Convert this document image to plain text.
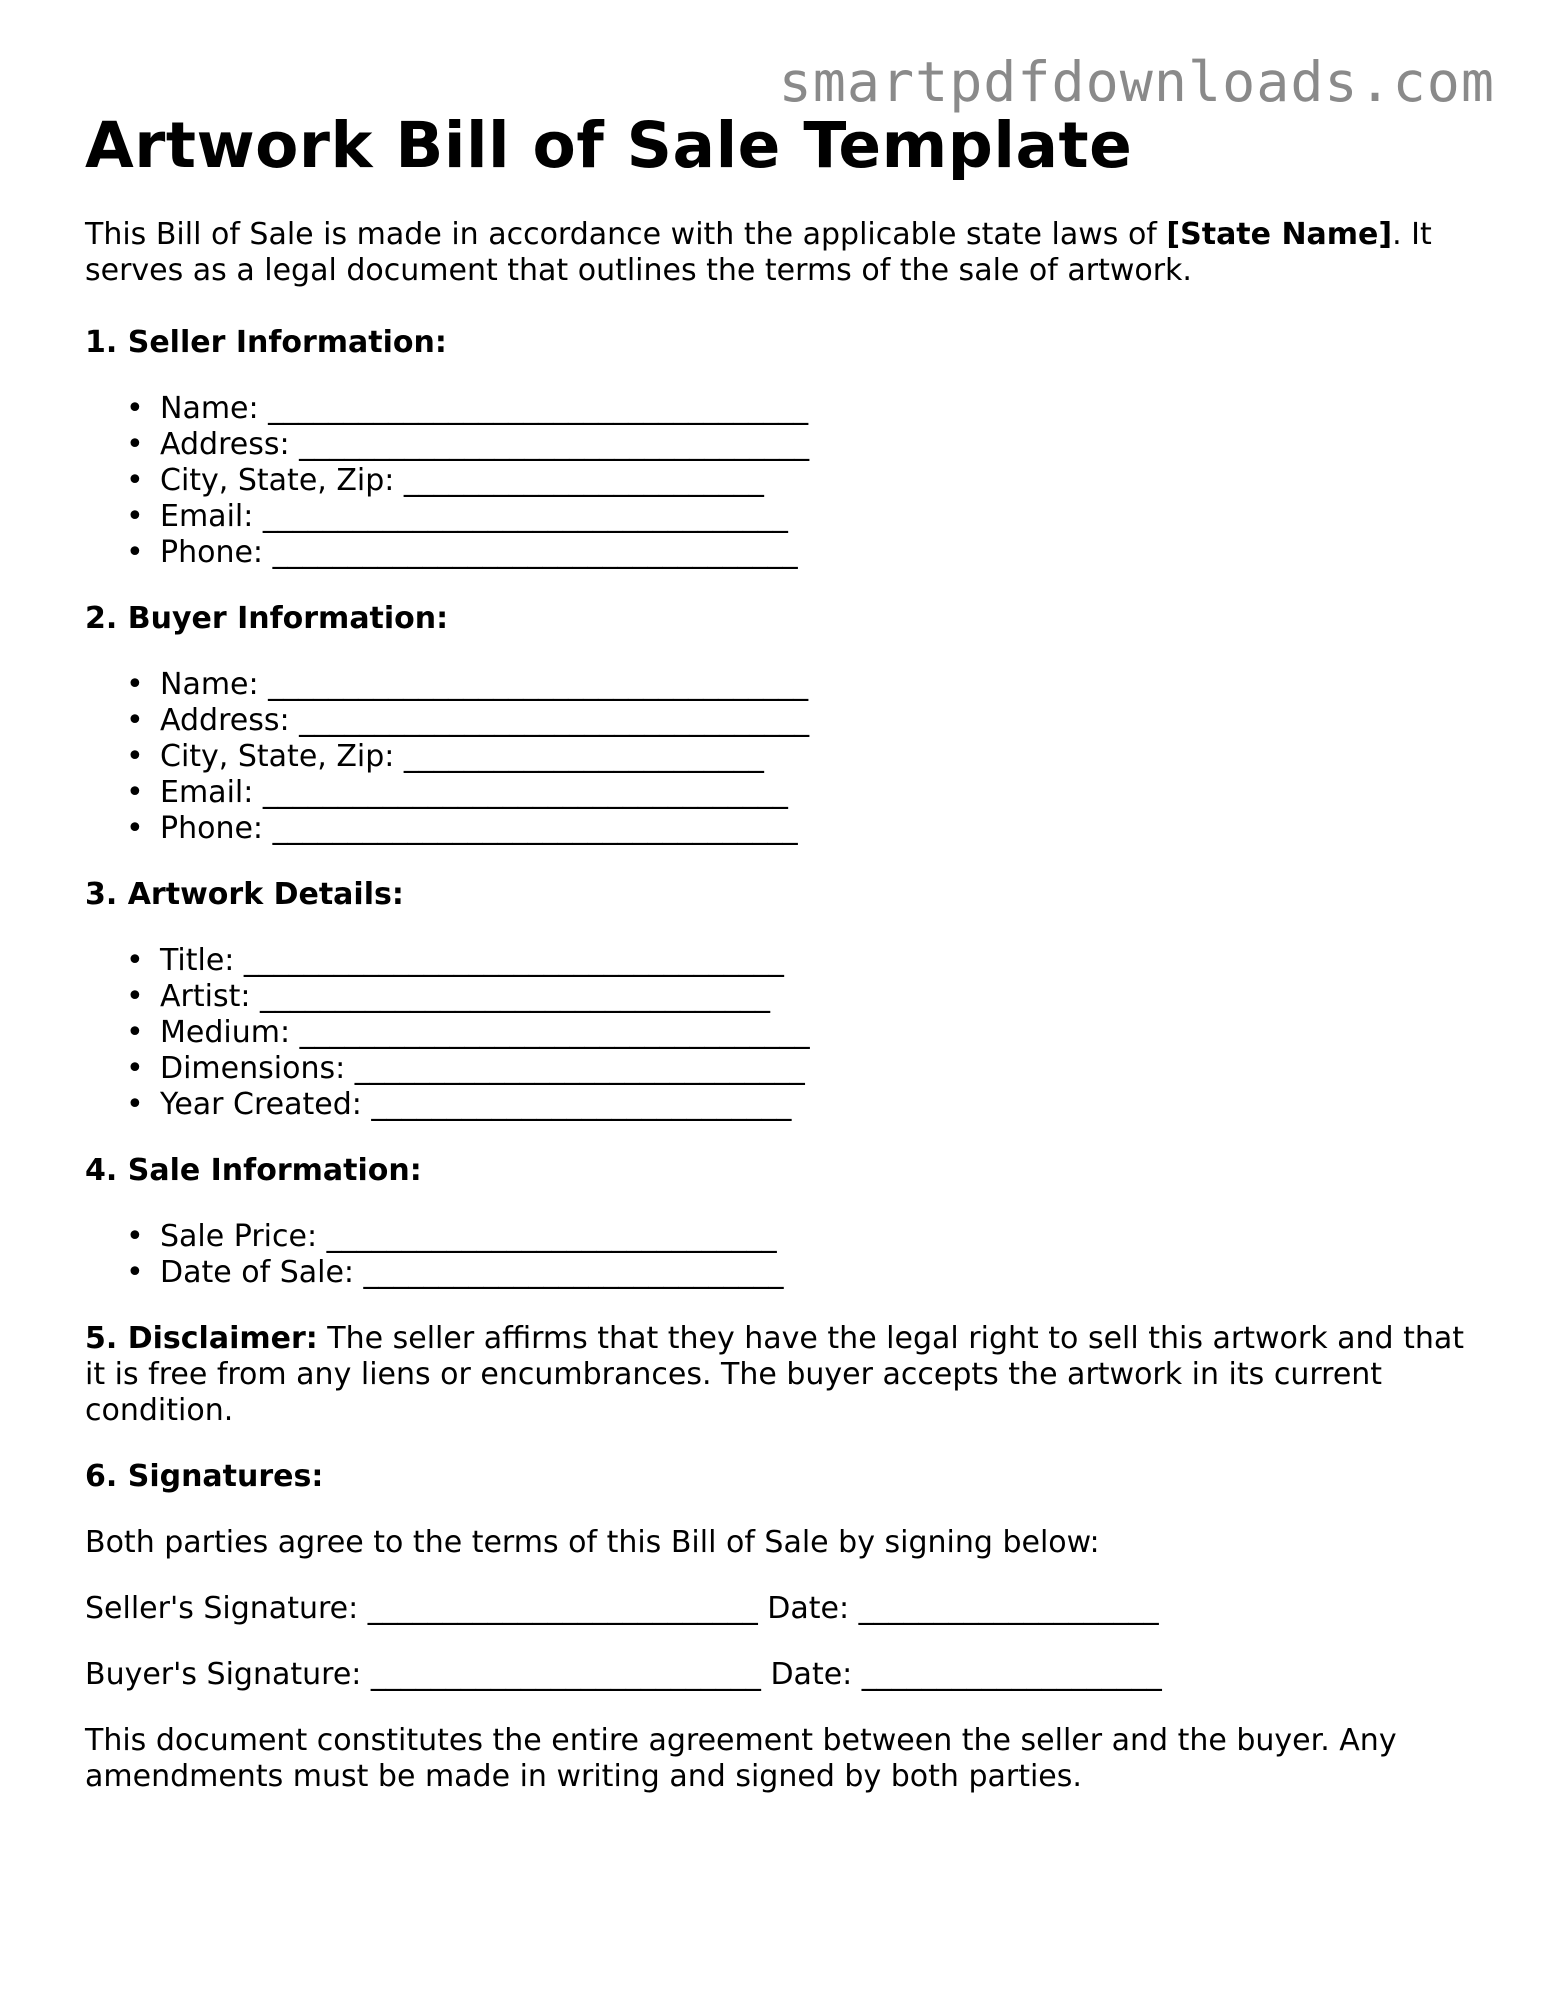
smartpdfdownloads.com
Artwork Bill of Sale Template
This Bill of Sale is made in accordance with the applicable state laws of [State Name]. It serves as a legal document that outlines the terms of the sale of artwork.
1. Seller Information:
• Name: ____________________________________
• Address: __________________________________
• City, State, Zip: ________________________
• Email: ___________________________________
• Phone: ___________________________________
2. Buyer Information:
• Name: ____________________________________
• Address: __________________________________
• City, State, Zip: ________________________
• Email: ___________________________________
• Phone: ___________________________________
3. Artwork Details:
• Title: ____________________________________
• Artist: __________________________________
• Medium: __________________________________
• Dimensions: ______________________________
• Year Created: ____________________________
4. Sale Information:
• Sale Price: ______________________________
• Date of Sale: ____________________________
5. Disclaimer: The seller affirms that they have the legal right to sell this artwork and that it is free from any liens or encumbrances. The buyer accepts the artwork in its current condition.
6. Signatures:
Both parties agree to the terms of this Bill of Sale by signing below:
Seller's Signature: __________________________ Date: ____________________
Buyer's Signature: __________________________ Date: ____________________
This document constitutes the entire agreement between the seller and the buyer. Any amendments must be made in writing and signed by both parties.
